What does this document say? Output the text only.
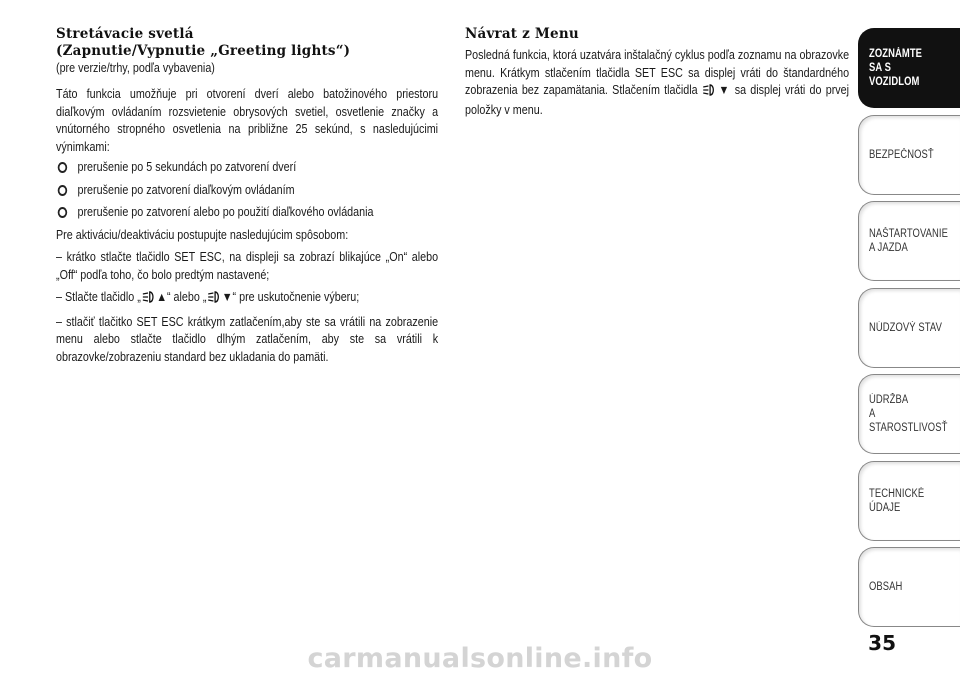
Stretávacie svetlá
(Zapnutie/Vypnutie „Greeting lights“)
(pre verzie/trhy, podľa vybavenia)
Táto funkcia umožňuje pri otvorení dverí alebo batožinového priestoru diaľkovým ovládaním rozsvietenie obrysových svetiel, osvetlenie značky a vnútorného stropného osvetlenia na približne 25 sekúnd, s nasledujúcimi výnimkami:
prerušenie po 5 sekundách po zatvorení dverí
prerušenie po zatvorení diaľkovým ovládaním
prerušenie po zatvorení alebo po použití diaľkového ovládania
Pre aktiváciu/deaktiváciu postupujte nasledujúcim spôsobom:
– krátko stlačte tlačidlo SET ESC, na displeji sa zobrazí blikajúce „On“ alebo „Off“ podľa toho, čo bolo predtým nastavené;
– Stlačte tlačidlo „ ▲“ alebo „ ▼“ pre uskutočnenie výberu;
– stlačiť tlačitko SET ESC krátkym zatlačením,aby ste sa vrátili na zobrazenie menu alebo stlačte tlačidlo dlhým zatlačením, aby ste sa vrátili k obrazovke/zobrazeniu standard bez ukladania do pamäti.
Návrat z Menu
Posledná funkcia, ktorá uzatvára inštalačný cyklus podľa zoznamu na obrazovke menu. Krátkym stlačením tlačidla SET ESC sa displej vráti do štandardného zobrazenia bez zapamätania. Stlačením tlačidla ▼ sa displej vráti do prvej položky v menu.
ZOZNÁMTE
SA S VOZIDLOM
BEZPEČNOSŤ
NAŠTARTOVANIE
A JAZDA
NÚDZOVÝ STAV
ÚDRŽBA
A STAROSTLIVOSŤ
TECHNICKÉ
ÚDAJE
OBSAH
35
carmanualsonline.info
